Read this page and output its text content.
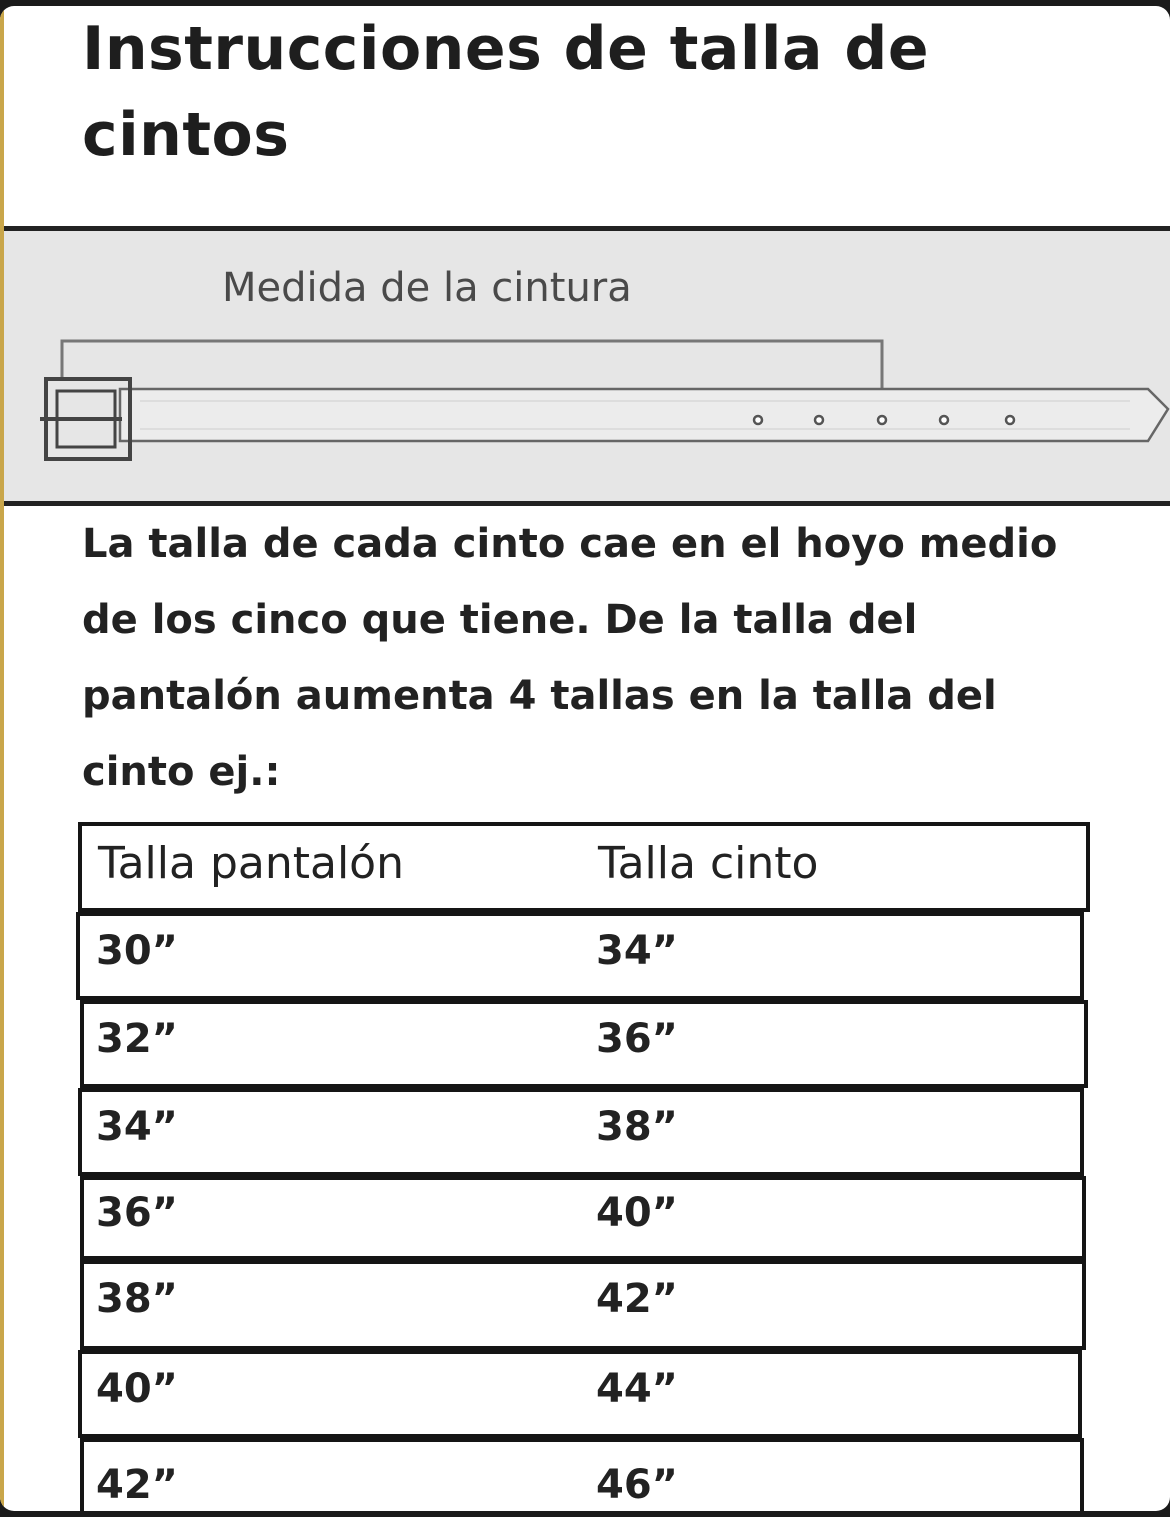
Instrucciones de talla de
cintos
Medida de la cintura
La talla de cada cinto cae en el hoyo medio
de los cinco que tiene. De la talla del
pantalón aumenta 4 tallas en la talla del
cinto ej.:
Talla pantalón	Talla cinto
30”	34”
32”	36”
34”	38”
36”	40”
38”	42”
40”	44”
42”	46”
